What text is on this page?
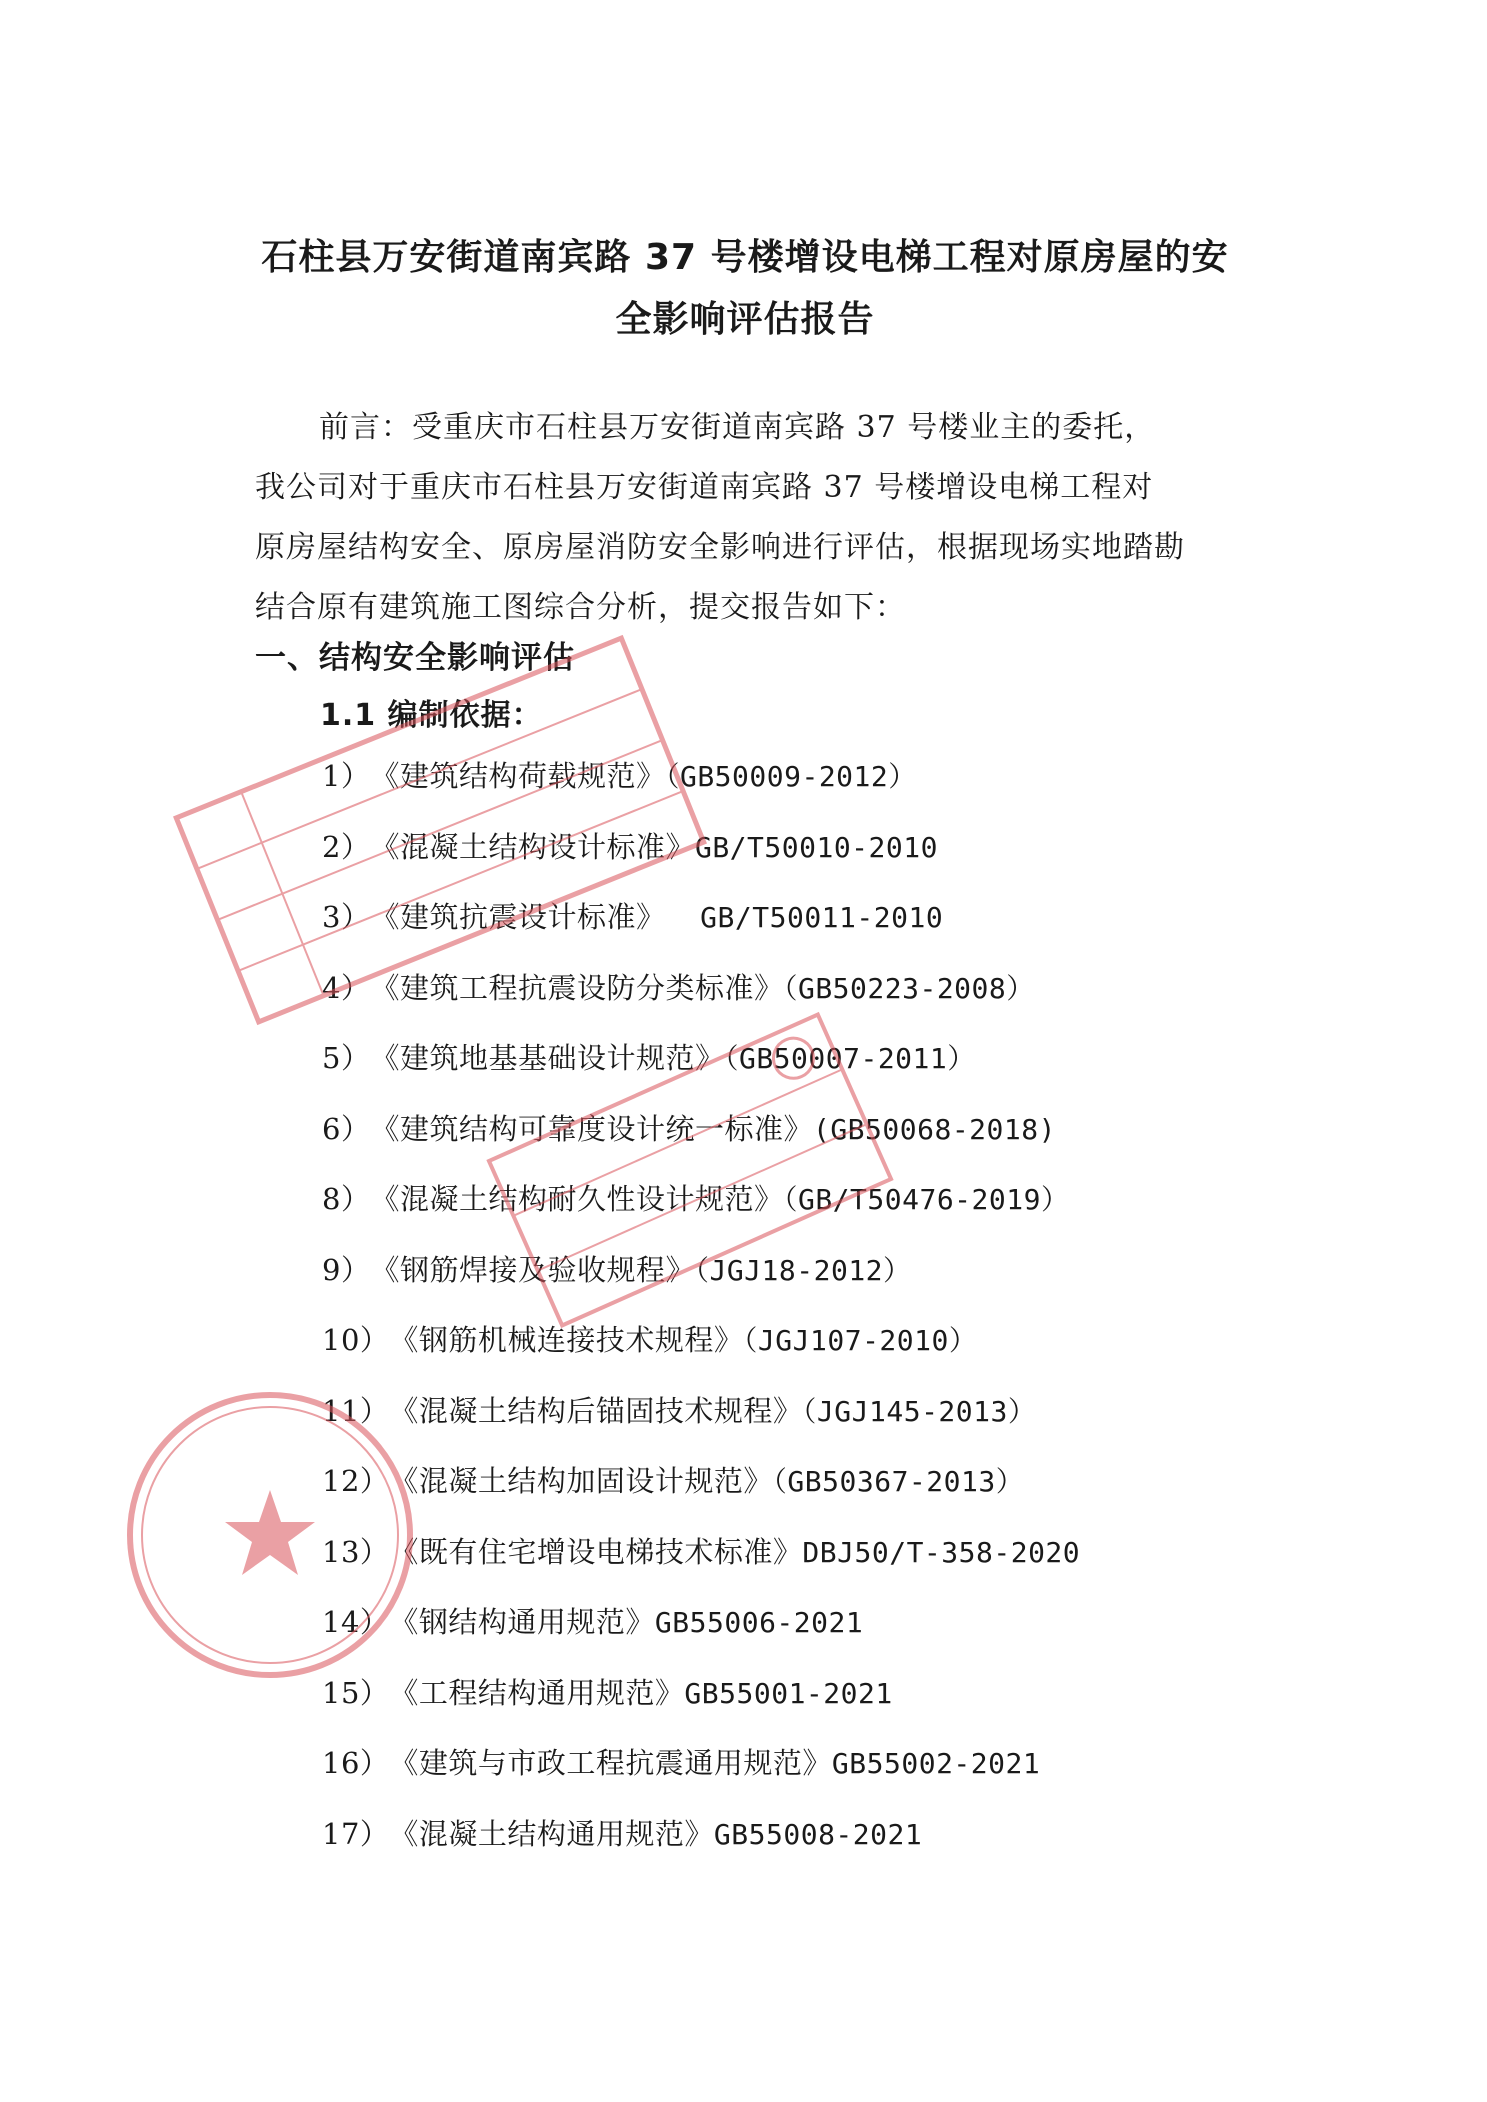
石柱县万安街道南宾路 37 号楼增设电梯工程对原房屋的安
全影响评估报告
前言：受重庆市石柱县万安街道南宾路 37 号楼业主的委托，
我公司对于重庆市石柱县万安街道南宾路 37 号楼增设电梯工程对
原房屋结构安全、原房屋消防安全影响进行评估，根据现场实地踏勘
结合原有建筑施工图综合分析，提交报告如下：
一、结构安全影响评估
1.1 编制依据：
1）《建筑结构荷载规范》（GB50009-2012）
2）《混凝土结构设计标准》GB/T50010-2010
3）《建筑抗震设计标准》  GB/T50011-2010
4）《建筑工程抗震设防分类标准》（GB50223-2008）
5）《建筑地基基础设计规范》（GB50007-2011）
6）《建筑结构可靠度设计统一标准》(GB50068-2018)
8）《混凝土结构耐久性设计规范》（GB/T50476-2019）
9）《钢筋焊接及验收规程》（JGJ18-2012）
10）《钢筋机械连接技术规程》（JGJ107-2010）
11）《混凝土结构后锚固技术规程》（JGJ145-2013）
12）《混凝土结构加固设计规范》（GB50367-2013）
13）《既有住宅增设电梯技术标准》DBJ50/T-358-2020
14）《钢结构通用规范》GB55006-2021
15）《工程结构通用规范》GB55001-2021
16）《建筑与市政工程抗震通用规范》GB55002-2021
17）《混凝土结构通用规范》GB55008-2021
